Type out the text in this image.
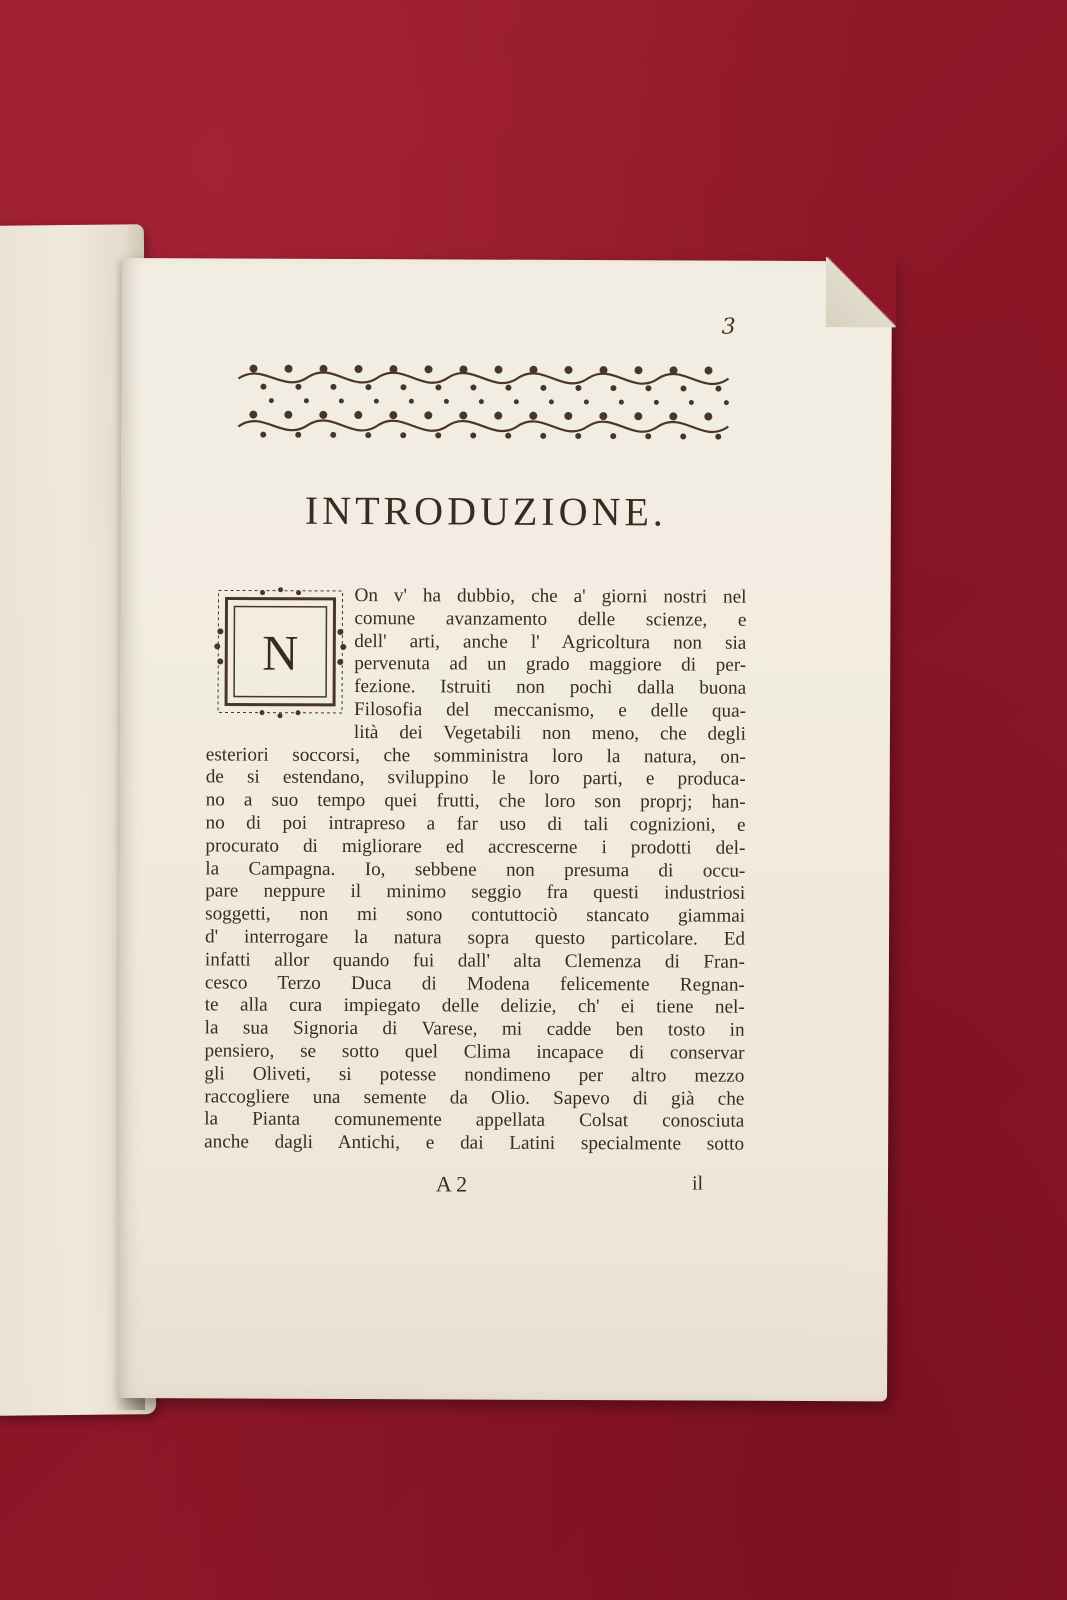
3
INTRODUZIONE.
N
On v' ha dubbio, che a' giorni nostri nel
comune avanzamento delle scienze, e
dell' arti, anche l' Agricoltura non sia
pervenuta ad un grado maggiore di per-
fezione. Istruiti non pochi dalla buona
Filosofia del meccanismo, e delle qua-
lità dei Vegetabili non meno, che degli
esteriori soccorsi, che somministra loro la natura, on-
de si estendano, sviluppino le loro parti, e produca-
no a suo tempo quei frutti, che loro son proprj; han-
no di poi intrapreso a far uso di tali cognizioni, e
procurato di migliorare ed accrescerne i prodotti del-
la Campagna. Io, sebbene non presuma di occu-
pare neppure il minimo seggio fra questi industriosi
soggetti, non mi sono contuttociò stancato giammai
d' interrogare la natura sopra questo particolare. Ed
infatti allor quando fui dall' alta Clemenza di Fran-
cesco Terzo Duca di Modena felicemente Regnan-
te alla cura impiegato delle delizie, ch' ei tiene nel-
la sua Signoria di Varese, mi cadde ben tosto in
pensiero, se sotto quel Clima incapace di conservar
gli Oliveti, si potesse nondimeno per altro mezzo
raccogliere una semente da Olio. Sapevo di già che
la Pianta comunemente appellata Colsat conosciuta
anche dagli Antichi, e dai Latini specialmente sotto
A 2	il
